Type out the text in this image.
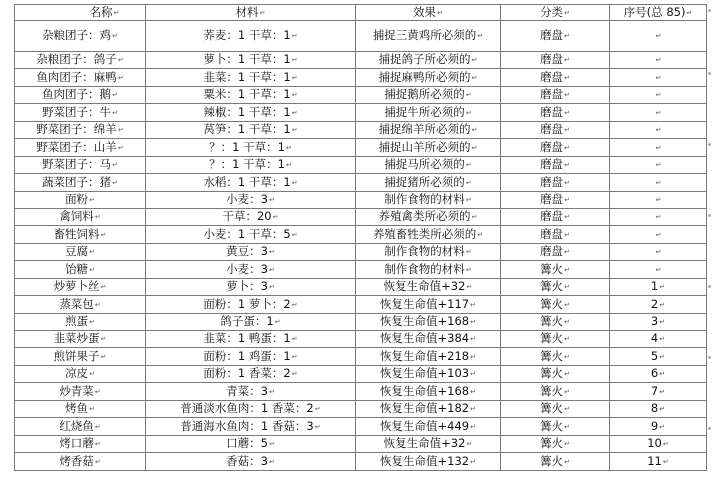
名称↵	材料↵	效果↵	分类↵	序号(总 85)↵
杂粮团子：鸡↵	荞麦：1 干草：1↵	捕捉三黄鸡所必须的↵	磨盘↵	↵
杂粮团子：鸽子↵	萝卜：1 干草：1↵	捕捉鸽子所必须的↵	磨盘↵	↵
鱼肉团子：麻鸭↵	韭菜：1 干草：1↵	捕捉麻鸭所必须的↵	磨盘↵	↵
鱼肉团子：鹅↵	粟米：1 干草：1↵	捕捉鹅所必须的↵	磨盘↵	↵
野菜团子：牛↵	辣椒：1 干草：1↵	捕捉牛所必须的↵	磨盘↵	↵
野菜团子：绵羊↵	莴笋：1 干草：1↵	捕捉绵羊所必须的↵	磨盘↵	↵
野菜团子：山羊↵	？：1 干草：1↵	捕捉山羊所必须的↵	磨盘↵	↵
野菜团子：马↵	？：1 干草：1↵	捕捉马所必须的↵	磨盘↵	↵
蔬菜团子：猪↵	水稻：1 干草：1↵	捕捉猪所必须的↵	磨盘↵	↵
面粉↵	小麦：3↵	制作食物的材料↵	磨盘↵	↵
禽饲料↵	干草：20↵	养殖禽类所必须的↵	磨盘↵	↵
畜牲饲料↵	小麦：1 干草：5↵	养殖畜牲类所必须的↵	磨盘↵	↵
豆腐↵	黄豆：3↵	制作食物的材料↵	磨盘↵	↵
饴糖↵	小麦：3↵	制作食物的材料↵	篝火↵	↵
炒萝卜丝↵	萝卜：3↵	恢复生命值+32↵	篝火↵	1↵
蒸菜包↵	面粉：1 萝卜：2↵	恢复生命值+117↵	篝火↵	2↵
煎蛋↵	鸽子蛋：1↵	恢复生命值+168↵	篝火↵	3↵
韭菜炒蛋↵	韭菜：1 鸭蛋：1↵	恢复生命值+384↵	篝火↵	4↵
煎饼果子↵	面粉：1 鸡蛋：1↵	恢复生命值+218↵	篝火↵	5↵
凉皮↵	面粉：1 香菜：2↵	恢复生命值+103↵	篝火↵	6↵
炒青菜↵	青菜：3↵	恢复生命值+168↵	篝火↵	7↵
烤鱼↵	普通淡水鱼肉：1 香菜：2↵	恢复生命值+182↵	篝火↵	8↵
红烧鱼↵	普通海水鱼肉：1 香菇：3↵	恢复生命值+449↵	篝火↵	9↵
烤口蘑↵	口蘑：5↵	恢复生命值+32↵	篝火↵	10↵
烤香菇↵	香菇：3↵	恢复生命值+132↵	篝火↵	11↵
